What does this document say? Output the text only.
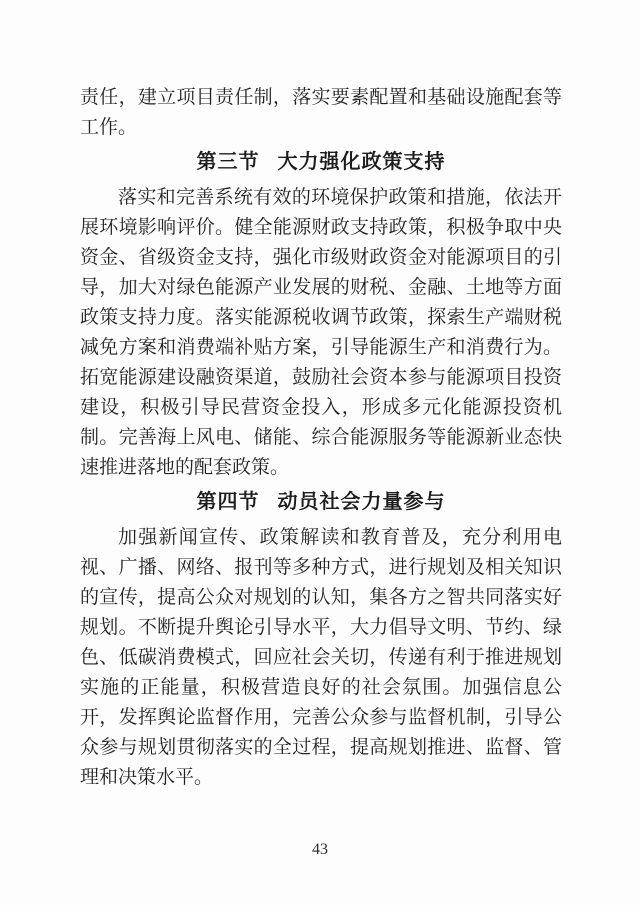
责任，建立项目责任制，落实要素配置和基础设施配套等工作。

第三节 大力强化政策支持

落实和完善系统有效的环境保护政策和措施，依法开展环境影响评价。健全能源财政支持政策，积极争取中央资金、省级资金支持，强化市级财政资金对能源项目的引导，加大对绿色能源产业发展的财税、金融、土地等方面政策支持力度。落实能源税收调节政策，探索生产端财税减免方案和消费端补贴方案，引导能源生产和消费行为。拓宽能源建设融资渠道，鼓励社会资本参与能源项目投资建设，积极引导民营资金投入，形成多元化能源投资机制。完善海上风电、储能、综合能源服务等能源新业态快速推进落地的配套政策。

第四节 动员社会力量参与

加强新闻宣传、政策解读和教育普及，充分利用电视、广播、网络、报刊等多种方式，进行规划及相关知识的宣传，提高公众对规划的认知，集各方之智共同落实好规划。不断提升舆论引导水平，大力倡导文明、节约、绿色、低碳消费模式，回应社会关切，传递有利于推进规划实施的正能量，积极营造良好的社会氛围。加强信息公开，发挥舆论监督作用，完善公众参与监督机制，引导公众参与规划贯彻落实的全过程，提高规划推进、监督、管理和决策水平。

43
